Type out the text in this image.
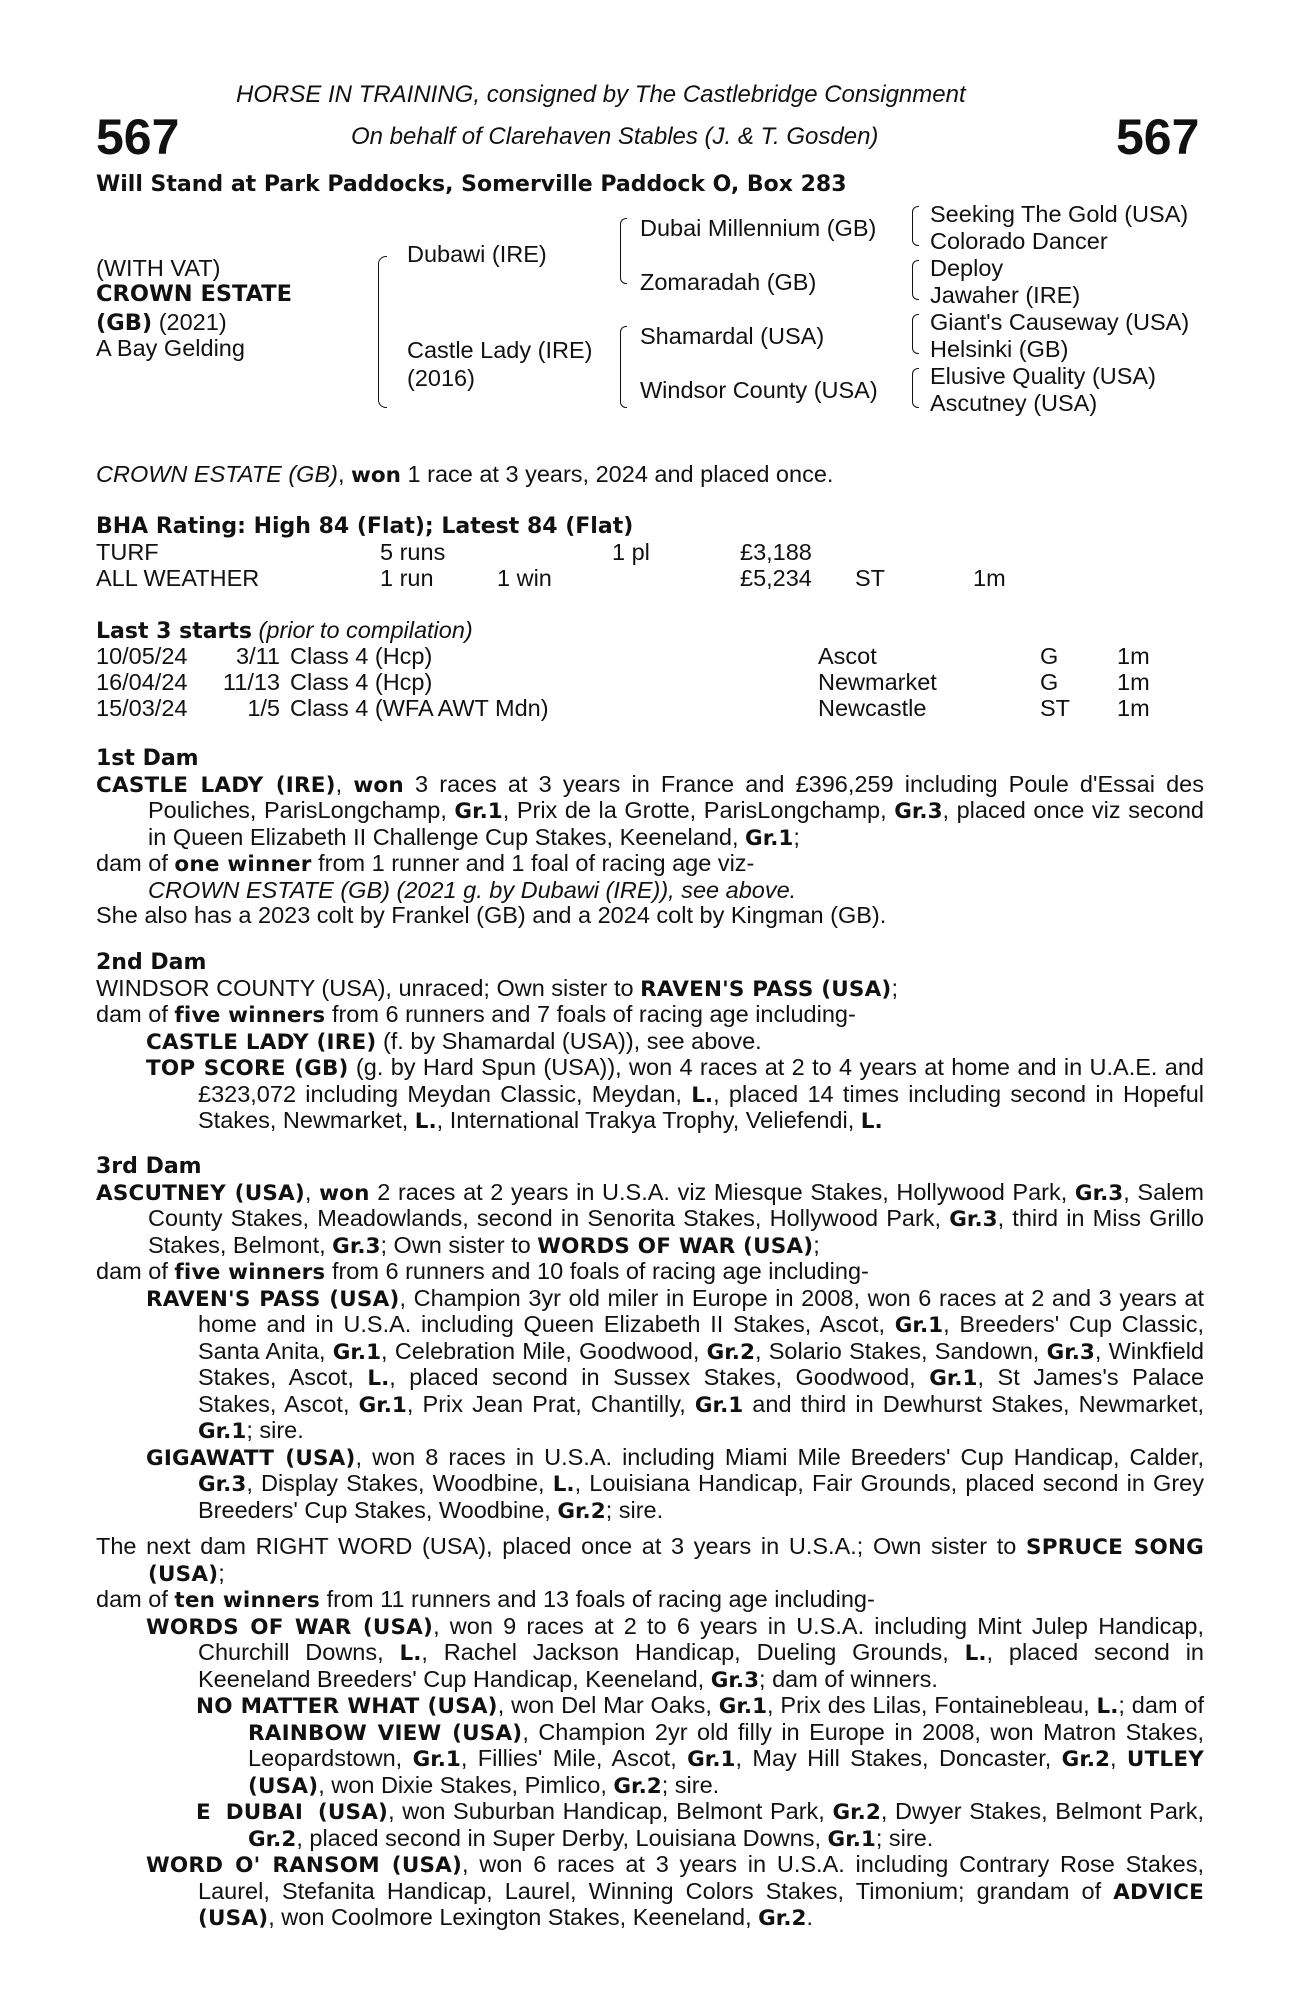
HORSE IN TRAINING, consigned by The Castlebridge Consignment
567	On behalf of Clarehaven Stables (J. & T. Gosden)	567
Will Stand at Park Paddocks, Somerville Paddock O, Box 283
(WITH VAT)
CROWN ESTATE
(GB) (2021)
A Bay Gelding
Dubawi (IRE)
Castle Lady (IRE)
(2016)
Dubai Millennium (GB)
Zomaradah (GB)
Shamardal (USA)
Windsor County (USA)
Seeking The Gold (USA)
Colorado Dancer
Deploy
Jawaher (IRE)
Giant's Causeway (USA)
Helsinki (GB)
Elusive Quality (USA)
Ascutney (USA)
CROWN ESTATE (GB), won 1 race at 3 years, 2024 and placed once.
BHA Rating: High 84 (Flat); Latest 84 (Flat)
TURF	5 runs	1 pl	£3,188
ALL WEATHER	1 run	1 win	£5,234 ST	1m
Last 3 starts (prior to compilation)
10/05/24	3/11 Class 4 (Hcp)	Ascot	G 1m
16/04/24 11/13 Class 4 (Hcp)	Newmarket	G 1m
15/03/24	1/5 Class 4 (WFA AWT Mdn)	Newcastle	ST 1m

1st Dam

CASTLE LADY (IRE), won 3 races at 3 years in France and £396,259 including Poule d'Essai des Pouliches, ParisLongchamp, Gr.1, Prix de la Grotte, ParisLongchamp, Gr.3, placed once viz second in Queen Elizabeth II Challenge Cup Stakes, Keeneland, Gr.1;

dam of one winner from 1 runner and 1 foal of racing age viz-

CROWN ESTATE (GB) (2021 g. by Dubawi (IRE)), see above.

She also has a 2023 colt by Frankel (GB) and a 2024 colt by Kingman (GB).

2nd Dam

WINDSOR COUNTY (USA), unraced; Own sister to RAVEN'S PASS (USA);

dam of five winners from 6 runners and 7 foals of racing age including-

CASTLE LADY (IRE) (f. by Shamardal (USA)), see above.

TOP SCORE (GB) (g. by Hard Spun (USA)), won 4 races at 2 to 4 years at home and in U.A.E. and £323,072 including Meydan Classic, Meydan, L., placed 14 times including second in Hopeful Stakes, Newmarket, L., International Trakya Trophy, Veliefendi, L.

3rd Dam

ASCUTNEY (USA), won 2 races at 2 years in U.S.A. viz Miesque Stakes, Hollywood Park, Gr.3, Salem County Stakes, Meadowlands, second in Senorita Stakes, Hollywood Park, Gr.3, third in Miss Grillo Stakes, Belmont, Gr.3; Own sister to WORDS OF WAR (USA);

dam of five winners from 6 runners and 10 foals of racing age including-

RAVEN'S PASS (USA), Champion 3yr old miler in Europe in 2008, won 6 races at 2 and 3 years at home and in U.S.A. including Queen Elizabeth II Stakes, Ascot, Gr.1, Breeders' Cup Classic, Santa Anita, Gr.1, Celebration Mile, Goodwood, Gr.2, Solario Stakes, Sandown, Gr.3, Winkfield Stakes, Ascot, L., placed second in Sussex Stakes, Goodwood, Gr.1, St James's Palace Stakes, Ascot, Gr.1, Prix Jean Prat, Chantilly, Gr.1 and third in Dewhurst Stakes, Newmarket, Gr.1; sire.

GIGAWATT (USA), won 8 races in U.S.A. including Miami Mile Breeders' Cup Handicap, Calder, Gr.3, Display Stakes, Woodbine, L., Louisiana Handicap, Fair Grounds, placed second in Grey Breeders' Cup Stakes, Woodbine, Gr.2; sire.

The next dam RIGHT WORD (USA), placed once at 3 years in U.S.A.; Own sister to SPRUCE SONG (USA);

dam of ten winners from 11 runners and 13 foals of racing age including-

WORDS OF WAR (USA), won 9 races at 2 to 6 years in U.S.A. including Mint Julep Handicap, Churchill Downs, L., Rachel Jackson Handicap, Dueling Grounds, L., placed second in Keeneland Breeders' Cup Handicap, Keeneland, Gr.3; dam of winners.

NO MATTER WHAT (USA), won Del Mar Oaks, Gr.1, Prix des Lilas, Fontainebleau, L.; dam of RAINBOW VIEW (USA), Champion 2yr old filly in Europe in 2008, won Matron Stakes, Leopardstown, Gr.1, Fillies' Mile, Ascot, Gr.1, May Hill Stakes, Doncaster, Gr.2, UTLEY (USA), won Dixie Stakes, Pimlico, Gr.2; sire.

E DUBAI (USA), won Suburban Handicap, Belmont Park, Gr.2, Dwyer Stakes, Belmont Park, Gr.2, placed second in Super Derby, Louisiana Downs, Gr.1; sire.

WORD O' RANSOM (USA), won 6 races at 3 years in U.S.A. including Contrary Rose Stakes, Laurel, Stefanita Handicap, Laurel, Winning Colors Stakes, Timonium; grandam of ADVICE (USA), won Coolmore Lexington Stakes, Keeneland, Gr.2.
